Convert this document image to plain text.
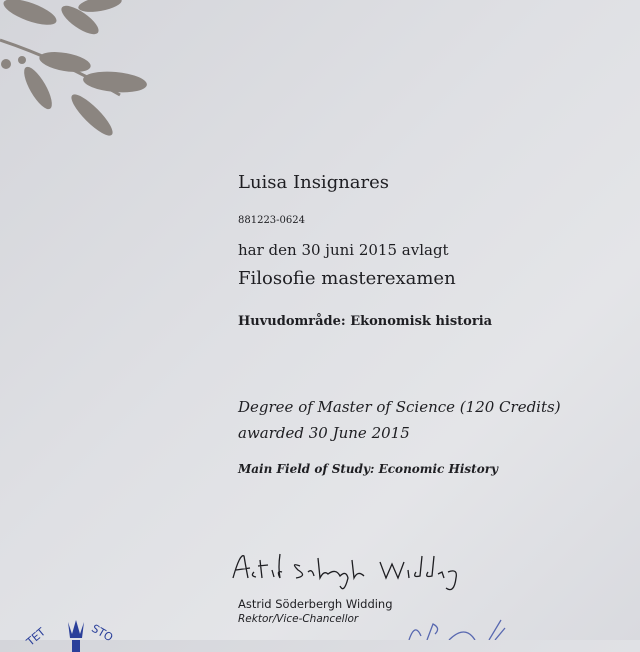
Luisa Insignares
881223-0624
har den 30 juni 2015 avlagt
Filosofie masterexamen
Huvudområde: Ekonomisk historia
Degree of Master of Science (120 Credits)
awarded 30 June 2015
Main Field of Study: Economic History
Astrid Söderbergh Widding
Rektor/Vice-Chancellor
TET	STO
